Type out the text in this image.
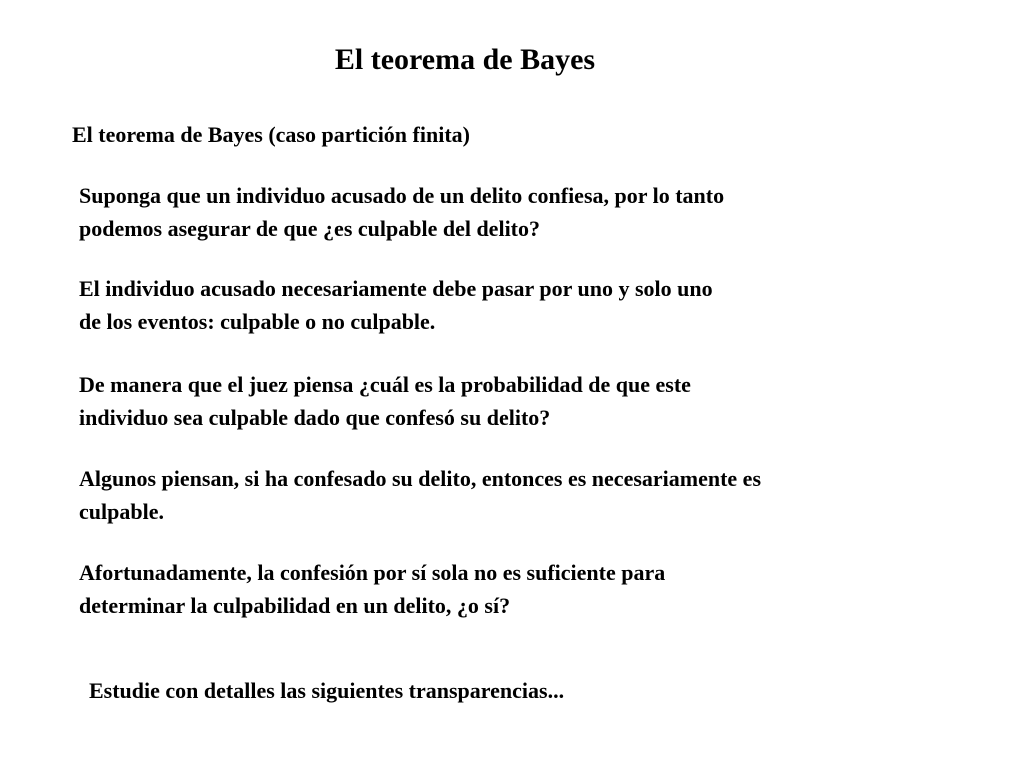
El teorema de Bayes

El teorema de Bayes (caso partición finita)

Suponga que un individuo acusado de un delito confiesa, por lo tanto
podemos asegurar de que ¿es culpable del delito?

El individuo acusado necesariamente debe pasar por uno y solo uno
de los eventos: culpable o no culpable.

De manera que el juez piensa ¿cuál es la probabilidad de que este
individuo sea culpable dado que confesó su delito?

Algunos piensan, si ha confesado su delito, entonces es necesariamente es
culpable.

Afortunadamente, la confesión por sí sola no es suficiente para
determinar la culpabilidad en un delito, ¿o sí?

Estudie con detalles las siguientes transparencias...
